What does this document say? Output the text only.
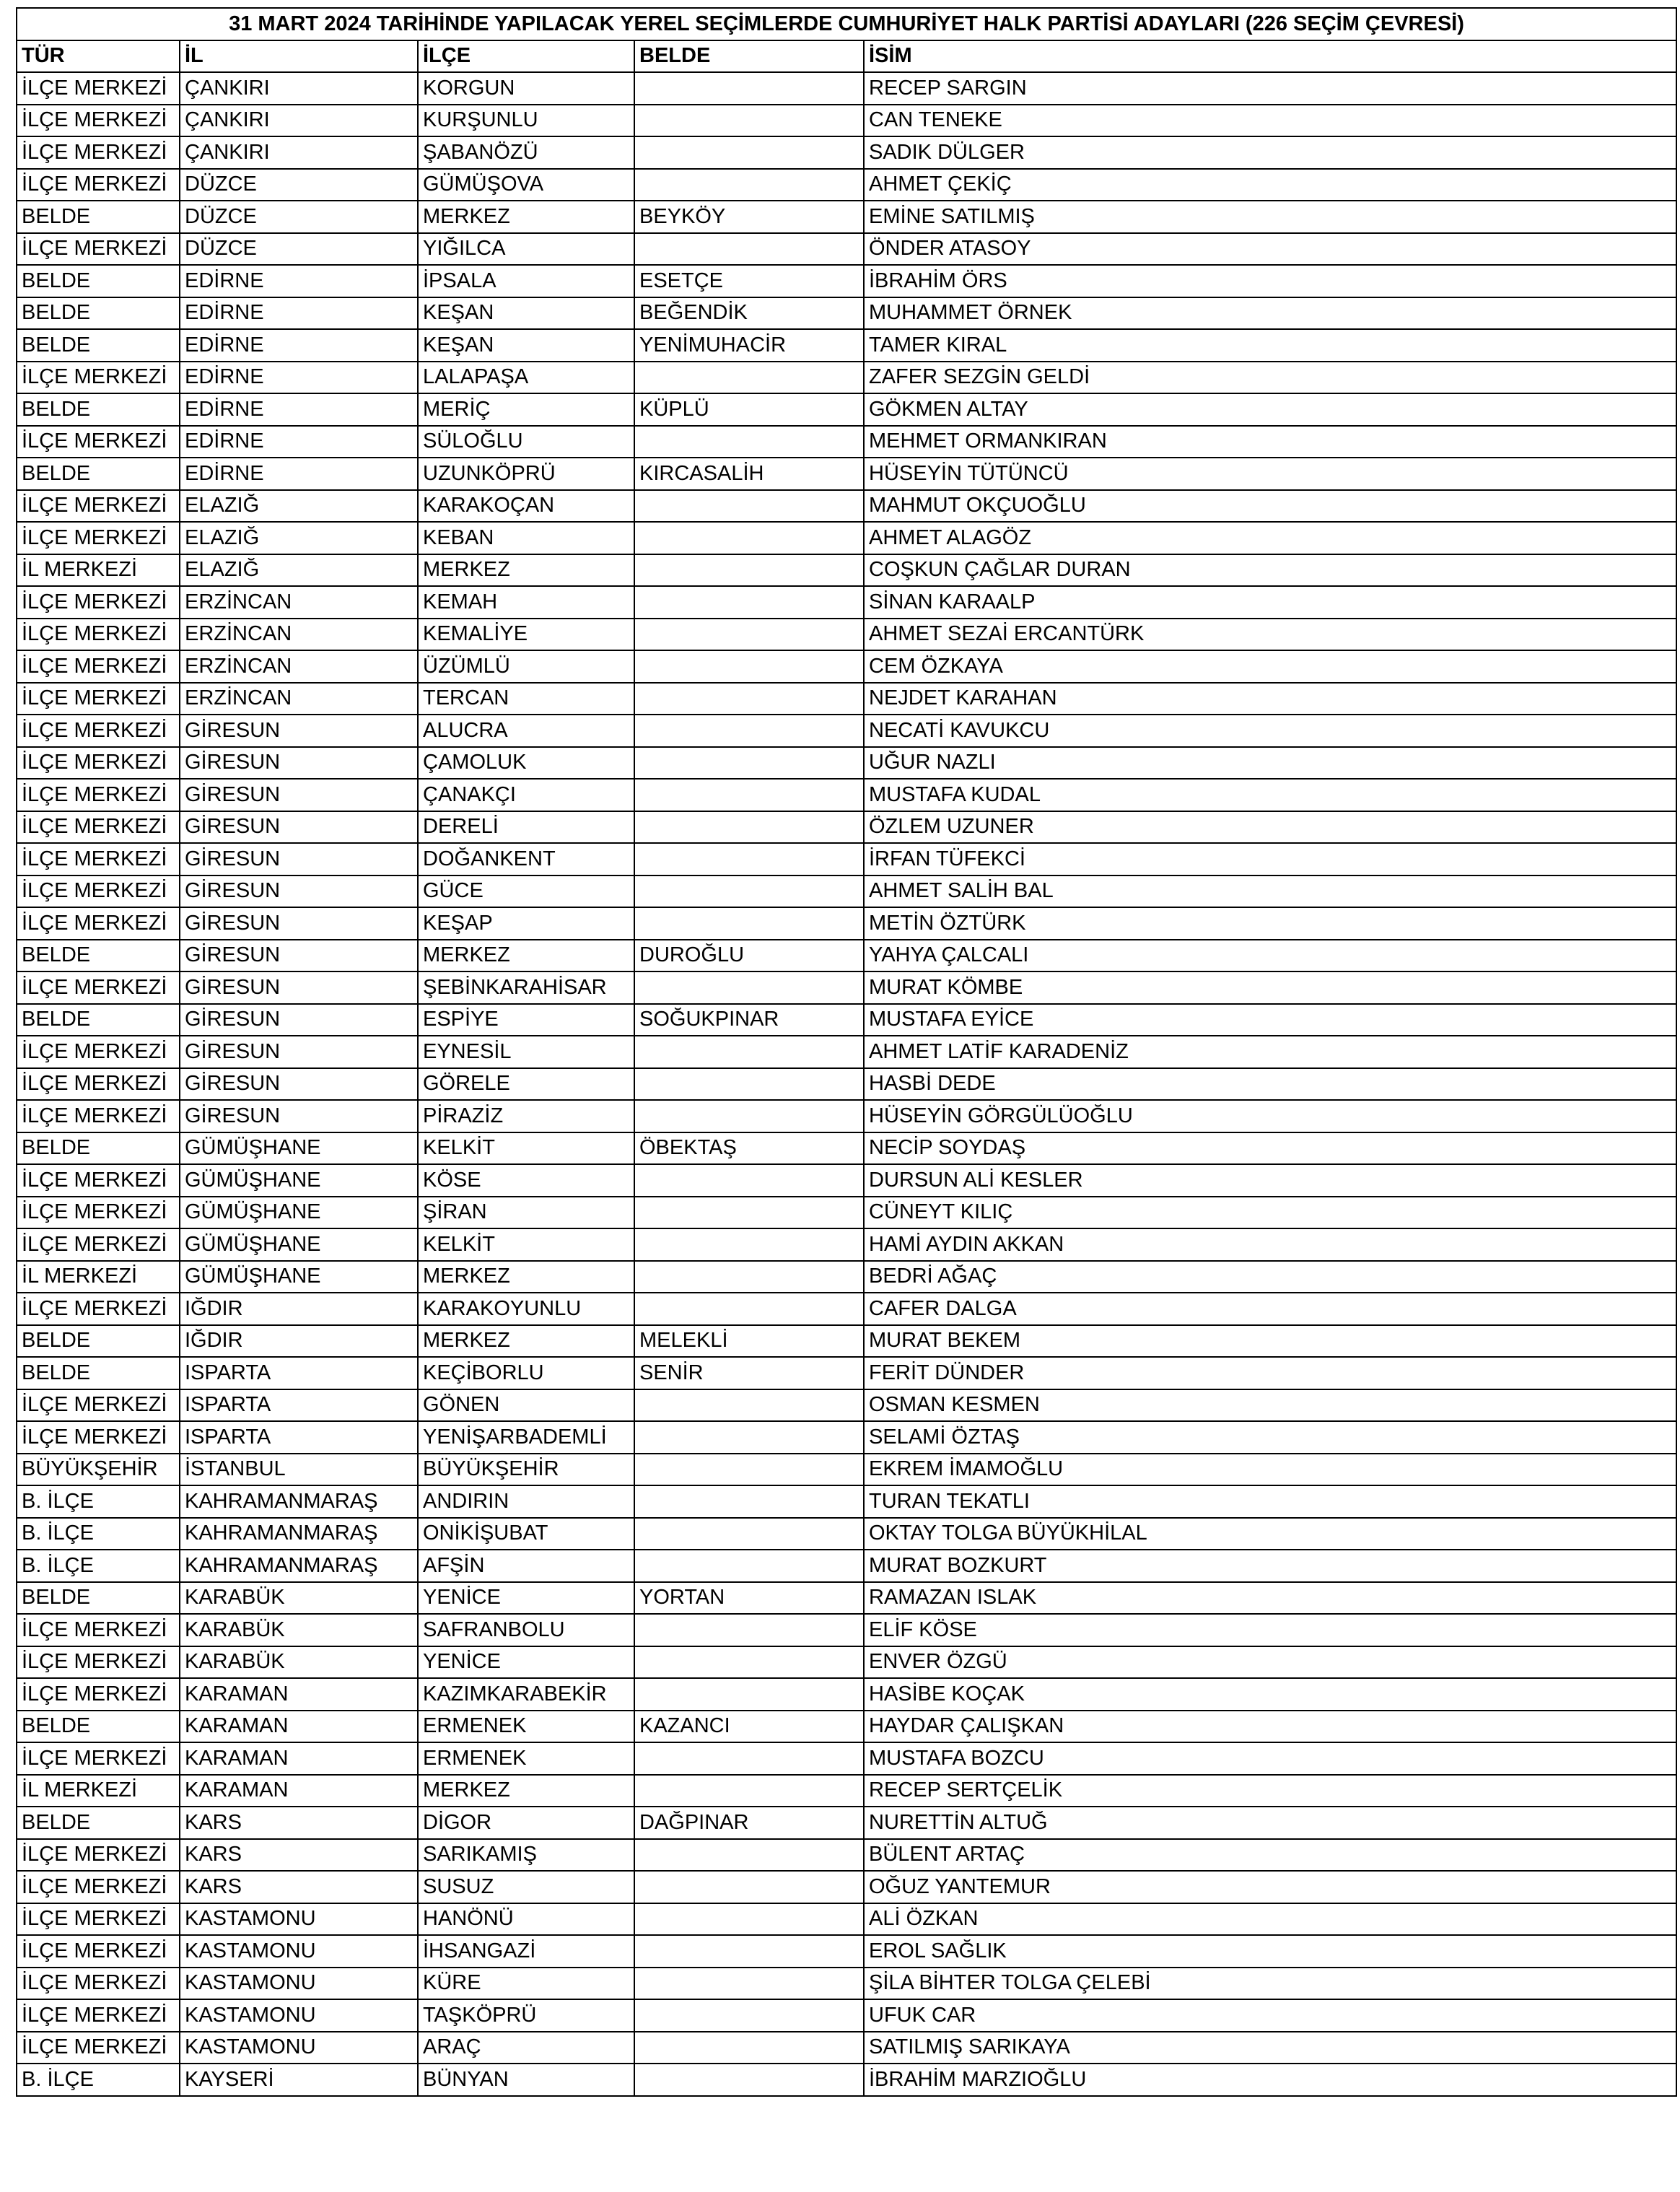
31 MART 2024 TARİHİNDE YAPILACAK YEREL SEÇİMLERDE CUMHURİYET HALK PARTİSİ ADAYLARI (226 SEÇİM ÇEVRESİ)				
TÜR	İL	İLÇE	BELDE	İSİM
İLÇE MERKEZİ	ÇANKIRI	KORGUN		RECEP SARGIN
İLÇE MERKEZİ	ÇANKIRI	KURŞUNLU		CAN TENEKE
İLÇE MERKEZİ	ÇANKIRI	ŞABANÖZÜ		SADIK DÜLGER
İLÇE MERKEZİ	DÜZCE	GÜMÜŞOVA		AHMET ÇEKİÇ
BELDE	DÜZCE	MERKEZ	BEYKÖY	EMİNE SATILMIŞ
İLÇE MERKEZİ	DÜZCE	YIĞILCA		ÖNDER ATASOY
BELDE	EDİRNE	İPSALA	ESETÇE	İBRAHİM ÖRS
BELDE	EDİRNE	KEŞAN	BEĞENDİK	MUHAMMET ÖRNEK
BELDE	EDİRNE	KEŞAN	YENİMUHACİR	TAMER KIRAL
İLÇE MERKEZİ	EDİRNE	LALAPAŞA		ZAFER SEZGİN GELDİ
BELDE	EDİRNE	MERİÇ	KÜPLÜ	GÖKMEN ALTAY
İLÇE MERKEZİ	EDİRNE	SÜLOĞLU		MEHMET ORMANKIRAN
BELDE	EDİRNE	UZUNKÖPRÜ	KIRCASALİH	HÜSEYİN TÜTÜNCÜ
İLÇE MERKEZİ	ELAZIĞ	KARAKOÇAN		MAHMUT OKÇUOĞLU
İLÇE MERKEZİ	ELAZIĞ	KEBAN		AHMET ALAGÖZ
İL MERKEZİ	ELAZIĞ	MERKEZ		COŞKUN ÇAĞLAR DURAN
İLÇE MERKEZİ	ERZİNCAN	KEMAH		SİNAN KARAALP
İLÇE MERKEZİ	ERZİNCAN	KEMALİYE		AHMET SEZAİ ERCANTÜRK
İLÇE MERKEZİ	ERZİNCAN	ÜZÜMLÜ		CEM ÖZKAYA
İLÇE MERKEZİ	ERZİNCAN	TERCAN		NEJDET KARAHAN
İLÇE MERKEZİ	GİRESUN	ALUCRA		NECATİ KAVUKCU
İLÇE MERKEZİ	GİRESUN	ÇAMOLUK		UĞUR NAZLI
İLÇE MERKEZİ	GİRESUN	ÇANAKÇI		MUSTAFA KUDAL
İLÇE MERKEZİ	GİRESUN	DERELİ		ÖZLEM UZUNER
İLÇE MERKEZİ	GİRESUN	DOĞANKENT		İRFAN TÜFEKCİ
İLÇE MERKEZİ	GİRESUN	GÜCE		AHMET SALİH BAL
İLÇE MERKEZİ	GİRESUN	KEŞAP		METİN ÖZTÜRK
BELDE	GİRESUN	MERKEZ	DUROĞLU	YAHYA ÇALCALI
İLÇE MERKEZİ	GİRESUN	ŞEBİNKARAHİSAR		MURAT KÖMBE
BELDE	GİRESUN	ESPİYE	SOĞUKPINAR	MUSTAFA EYİCE
İLÇE MERKEZİ	GİRESUN	EYNESİL		AHMET LATİF KARADENİZ
İLÇE MERKEZİ	GİRESUN	GÖRELE		HASBİ DEDE
İLÇE MERKEZİ	GİRESUN	PİRAZİZ		HÜSEYİN GÖRGÜLÜOĞLU
BELDE	GÜMÜŞHANE	KELKİT	ÖBEKTAŞ	NECİP SOYDAŞ
İLÇE MERKEZİ	GÜMÜŞHANE	KÖSE		DURSUN ALİ KESLER
İLÇE MERKEZİ	GÜMÜŞHANE	ŞİRAN		CÜNEYT KILIÇ
İLÇE MERKEZİ	GÜMÜŞHANE	KELKİT		HAMİ AYDIN AKKAN
İL MERKEZİ	GÜMÜŞHANE	MERKEZ		BEDRİ AĞAÇ
İLÇE MERKEZİ	IĞDIR	KARAKOYUNLU		CAFER DALGA
BELDE	IĞDIR	MERKEZ	MELEKLİ	MURAT BEKEM
BELDE	ISPARTA	KEÇİBORLU	SENİR	FERİT DÜNDER
İLÇE MERKEZİ	ISPARTA	GÖNEN		OSMAN KESMEN
İLÇE MERKEZİ	ISPARTA	YENİŞARBADEMLİ		SELAMİ ÖZTAŞ
BÜYÜKŞEHİR	İSTANBUL	BÜYÜKŞEHİR		EKREM İMAMOĞLU
B. İLÇE	KAHRAMANMARAŞ	ANDIRIN		TURAN TEKATLI
B. İLÇE	KAHRAMANMARAŞ	ONİKİŞUBAT		OKTAY TOLGA BÜYÜKHİLAL
B. İLÇE	KAHRAMANMARAŞ	AFŞİN		MURAT BOZKURT
BELDE	KARABÜK	YENİCE	YORTAN	RAMAZAN ISLAK
İLÇE MERKEZİ	KARABÜK	SAFRANBOLU		ELİF KÖSE
İLÇE MERKEZİ	KARABÜK	YENİCE		ENVER ÖZGÜ
İLÇE MERKEZİ	KARAMAN	KAZIMKARABEKİR		HASİBE KOÇAK
BELDE	KARAMAN	ERMENEK	KAZANCI	HAYDAR ÇALIŞKAN
İLÇE MERKEZİ	KARAMAN	ERMENEK		MUSTAFA BOZCU
İL MERKEZİ	KARAMAN	MERKEZ		RECEP SERTÇELİK
BELDE	KARS	DİGOR	DAĞPINAR	NURETTİN ALTUĞ
İLÇE MERKEZİ	KARS	SARIKAMIŞ		BÜLENT ARTAÇ
İLÇE MERKEZİ	KARS	SUSUZ		OĞUZ YANTEMUR
İLÇE MERKEZİ	KASTAMONU	HANÖNÜ		ALİ ÖZKAN
İLÇE MERKEZİ	KASTAMONU	İHSANGAZİ		EROL SAĞLIK
İLÇE MERKEZİ	KASTAMONU	KÜRE		ŞİLA BİHTER TOLGA ÇELEBİ
İLÇE MERKEZİ	KASTAMONU	TAŞKÖPRÜ		UFUK CAR
İLÇE MERKEZİ	KASTAMONU	ARAÇ		SATILMIŞ SARIKAYA
B. İLÇE	KAYSERİ	BÜNYAN		İBRAHİM MARZIOĞLU
